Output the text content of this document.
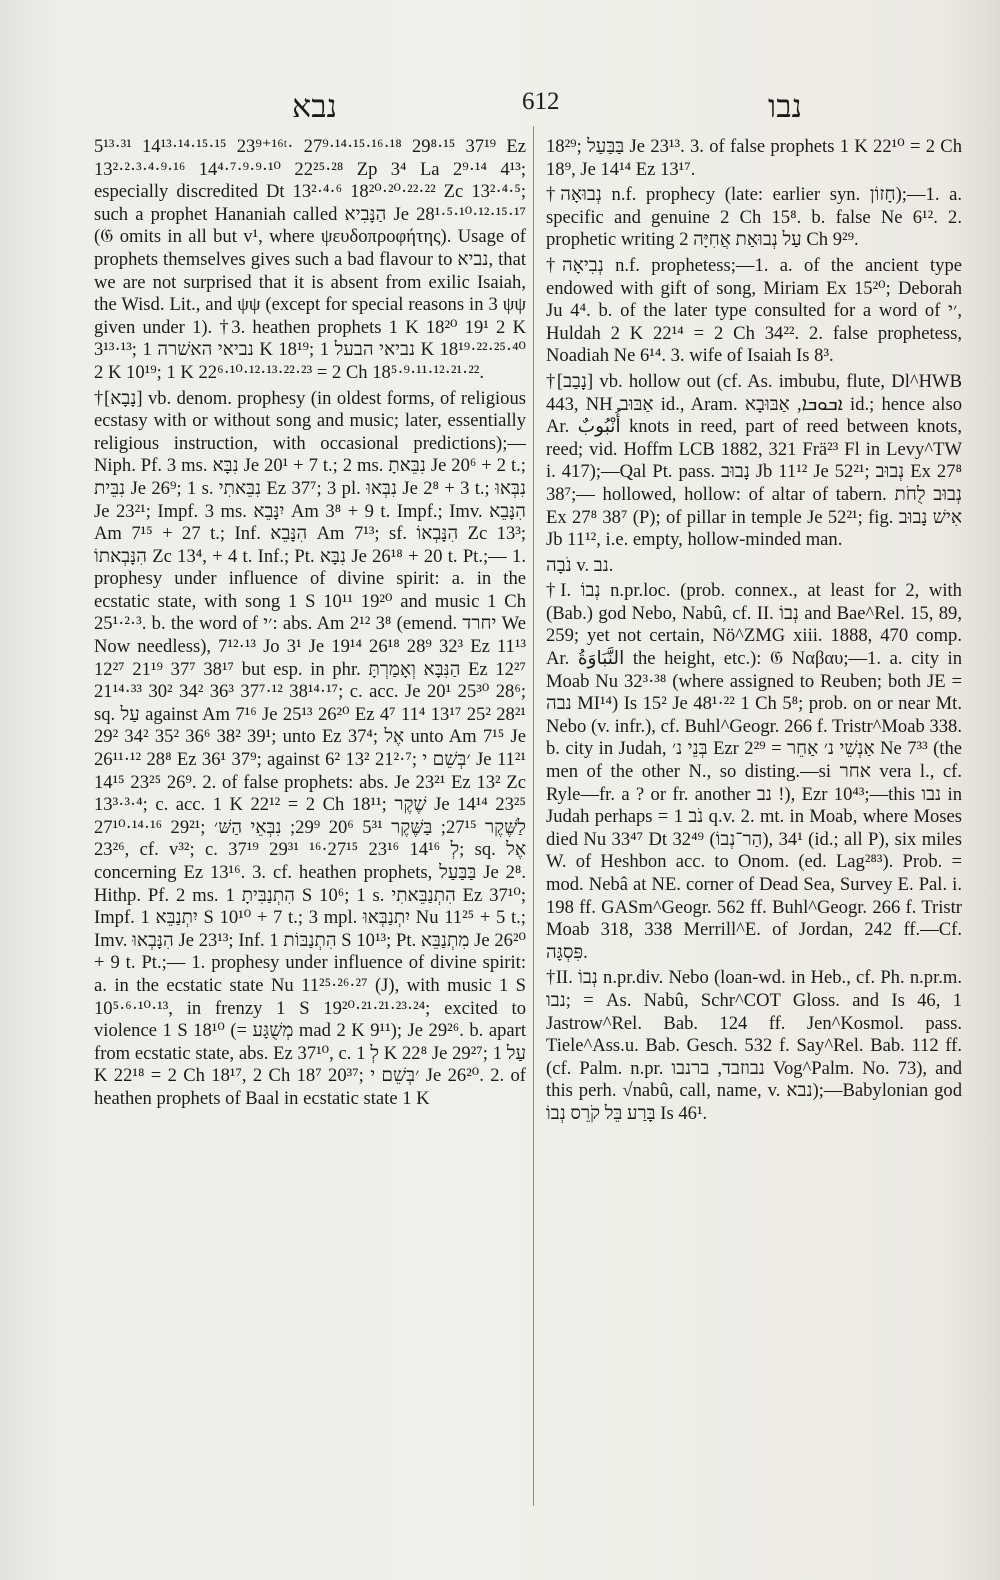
נבא	612	נבו

5¹³·³¹ 14¹³·¹⁴·¹⁵·¹⁵ 23⁹⁺¹⁶ᵗ· 27⁹·¹⁴·¹⁵·¹⁶·¹⁸ 29⁸·¹⁵ 37¹⁹ Ez 13²·²·³·⁴·⁹·¹⁶ 14⁴·⁷·⁹·⁹·¹⁰ 22²⁵·²⁸ Zp 3⁴ La 2⁹·¹⁴ 4¹³; especially discredited Dt 13²·⁴·⁶ 18²⁰·²⁰·²²·²² Zc 13²·⁴·⁵; such a prophet Hananiah called הַנָּבִיא Je 28¹·⁵·¹⁰·¹²·¹⁵·¹⁷ (𝔊 omits in all but v¹, where ψευδοπροφήτης). Usage of prophets themselves gives such a bad flavour to נביא, that we are not surprised that it is absent from exilic Isaiah, the Wisd. Lit., and ψψ (except for special reasons in 3 ψψ given under 1). †3. heathen prophets 1 K 18²⁰ 19¹ 2 K 3¹³·¹³; נביאי האשׁרה 1 K 18¹⁹; נביאי הבעל 1 K 18¹⁹·²²·²⁵·⁴⁰ 2 K 10¹⁹; 1 K 22⁶·¹⁰·¹²·¹³·²²·²³ = 2 Ch 18⁵·⁹·¹¹·¹²·²¹·²².

†[נָבָא] vb. denom. prophesy (in oldest forms, of religious ecstasy with or without song and music; later, essentially religious instruction, with occasional predictions);— Niph. Pf. 3 ms. נִבָּא Je 20¹ + 7 t.; 2 ms. נִבֵּאתָ Je 20⁶ + 2 t.; נִבֵּית Je 26⁹; 1 s. נִבֵּאתִי Ez 37⁷; 3 pl. נִבְּאוּ Je 2⁸ + 3 t.; נִבְּאוּ Je 23²¹; Impf. 3 ms. יִנָּבֵא Am 3⁸ + 9 t. Impf.; Imv. הִנָּבֵא Am 7¹⁵ + 27 t.; Inf. הִנָּבֵא Am 7¹³; sf. הִנָּבְאוֹ Zc 13³; הִנָּבְאתוֹ Zc 13⁴, + 4 t. Inf.; Pt. נִבָּא Je 26¹⁸ + 20 t. Pt.;— 1. prophesy under influence of divine spirit: a. in the ecstatic state, with song 1 S 10¹¹ 19²⁰ and music 1 Ch 25¹·²·³. b. the word of ׳י: abs. Am 2¹² 3⁸ (emend. יחרד We Now needless), 7¹²·¹³ Jo 3¹ Je 19¹⁴ 26¹⁸ 28⁹ 32³ Ez 11¹³ 12²⁷ 21¹⁹ 37⁷ 38¹⁷ but esp. in phr. הַנִּבָּא וְאָמַרְתָּ Ez 12²⁷ 21¹⁴·³³ 30² 34² 36³ 37⁷·¹² 38¹⁴·¹⁷; c. acc. Je 20¹ 25³⁰ 28⁶; sq. עַל against Am 7¹⁶ Je 25¹³ 26²⁰ Ez 4⁷ 11⁴ 13¹⁷ 25² 28²¹ 29² 34² 35² 36⁶ 38² 39¹; unto Ez 37⁴; אֶל unto Am 7¹⁵ Je 26¹¹·¹² 28⁸ Ez 36¹ 37⁹; against 6² 13² 21²·⁷; ׳בְּשֵׁם י Je 11²¹ 14¹⁵ 23²⁵ 26⁹. 2. of false prophets: abs. Je 23²¹ Ez 13² Zc 13³·³·⁴; c. acc. 1 K 22¹² = 2 Ch 18¹¹; שֶׁקֶר Je 14¹⁴ 23²⁵ 27¹⁰·¹⁴·¹⁶ 29²¹; לַשֶּׁקֶר 27¹⁵; בַּשֶּׁקֶר 5³¹ 20⁶ 29⁹; נִבְּאֵי הַשּׁ׳ 23²⁶, cf. v³²; c. לְ 14¹⁶ 23¹⁶ 27¹⁵·¹⁶ 29³¹ 37¹⁹; sq. אֶל concerning Ez 13¹⁶. 3. cf. heathen prophets, בַּבַּעַל Je 2⁸. Hithp. Pf. 2 ms. הִתְנַבִּיתָ 1 S 10⁶; 1 s. הִתְנַבֵּאתִי Ez 37¹⁰; Impf. יִתְנַבֵּא 1 S 10¹⁰ + 7 t.; 3 mpl. יִתְנַבְּאוּ Nu 11²⁵ + 5 t.; Imv. הִנָּבְאוּ Je 23¹³; Inf. הִתְנַבּוֹת 1 S 10¹³; Pt. מִתְנַבֵּא Je 26²⁰ + 9 t. Pt.;— 1. prophesy under influence of divine spirit: a. in the ecstatic state Nu 11²⁵·²⁶·²⁷ (J), with music 1 S 10⁵·⁶·¹⁰·¹³, in frenzy 1 S 19²⁰·²¹·²¹·²³·²⁴; excited to violence 1 S 18¹⁰ (= מְשֻׁגָּע mad 2 K 9¹¹); Je 29²⁶. b. apart from ecstatic state, abs. Ez 37¹⁰, c. לְ 1 K 22⁸ Je 29²⁷; עַל 1 K 22¹⁸ = 2 Ch 18¹⁷, 2 Ch 18⁷ 20³⁷; ׳בְּשֵׁם י Je 26²⁰. 2. of heathen prophets of Baal in ecstatic state 1 K

18²⁹; בַּבַּעַל Je 23¹³. 3. of false prophets 1 K 22¹⁰ = 2 Ch 18⁹, Je 14¹⁴ Ez 13¹⁷.

†נְבוּאָה n.f. prophecy (late: earlier syn. חָזוֹן);—1. a. specific and genuine 2 Ch 15⁸. b. false Ne 6¹². 2. prophetic writing עַל נְבוּאַת אֲחִיָּה 2 Ch 9²⁹.

†נְבִיאָה n.f. prophetess;—1. a. of the ancient type endowed with gift of song, Miriam Ex 15²⁰; Deborah Ju 4⁴. b. of the later type consulted for a word of ׳י, Huldah 2 K 22¹⁴ = 2 Ch 34²². 2. false prophetess, Noadiah Ne 6¹⁴. 3. wife of Isaiah Is 8³.

†[נָבַב] vb. hollow out (cf. As. imbubu, flute, Dl^HWB 443, NH אַבּוּב id., Aram. ܐܒܘܒܐ, אַבּוּבָא id.; hence also Ar. أُنْبُوبٌ knots in reed, part of reed between knots, reed; vid. Hoffm LCB 1882, 321 Frä²³ Fl in Levy^TW i. 417);—Qal Pt. pass. נָבוּב Jb 11¹² Je 52²¹; נְבוּב Ex 27⁸ 38⁷;— hollowed, hollow: of altar of tabern. נְבוּב לֻחֹת Ex 27⁸ 38⁷ (P); of pillar in temple Je 52²¹; fig. אִישׁ נָבוּב Jb 11¹², i.e. empty, hollow-minded man.

נֹבָה v. נב.

†I. נְבוֹ n.pr.loc. (prob. connex., at least for 2, with (Bab.) god Nebo, Nabû, cf. II. נְבוֹ and Bae^Rel. 15, 89, 259; yet not certain, Nö^ZMG xiii. 1888, 470 comp. Ar. النَّبَاوَةُ the height, etc.): 𝔊 Ναβαυ;—1. a. city in Moab Nu 32³·³⁸ (where assigned to Reuben; both JE = נבה MI¹⁴) Is 15² Je 48¹·²² 1 Ch 5⁸; prob. on or near Mt. Nebo (v. infr.), cf. Buhl^Geogr. 266 f. Tristr^Moab 338. b. city in Judah, בְּנֵי נ׳ Ezr 2²⁹ = אַנְשֵׁי נ׳ אַחֵר Ne 7³³ (the men of the other N., so disting.—si אחר vera l., cf. Ryle—fr. a ? or fr. another נב !), Ezr 10⁴³;—this נבו in Judah perhaps = נֹב 1 q.v. 2. mt. in Moab, where Moses died Nu 33⁴⁷ Dt 32⁴⁹ (הַר־נְבוֹ), 34¹ (id.; all P), six miles W. of Heshbon acc. to Onom. (ed. Lag²⁸³). Prob. = mod. Nebâ at NE. corner of Dead Sea, Survey E. Pal. i. 198 ff. GASm^Geogr. 562 ff. Buhl^Geogr. 266 f. Tristr Moab 318, 338 Merrill^E. of Jordan, 242 ff.—Cf. פִּסְגָּה.

†II. נְבוֹ n.pr.div. Nebo (loan-wd. in Heb., cf. Ph. n.pr.m. נבו; = As. Nabû, Schr^COT Gloss. and Is 46, 1 Jastrow^Rel. Bab. 124 ff. Jen^Kosmol. pass. Tiele^Ass.u. Bab. Gesch. 532 f. Say^Rel. Bab. 112 ff. (cf. Palm. n.pr. נבוזבד, ברנבו Vog^Palm. No. 73), and this perh. √nabû, call, name, v. נבא);—Babylonian god בָּרַע בֵּל קֹרֵס נְבוֹ Is 46¹.
